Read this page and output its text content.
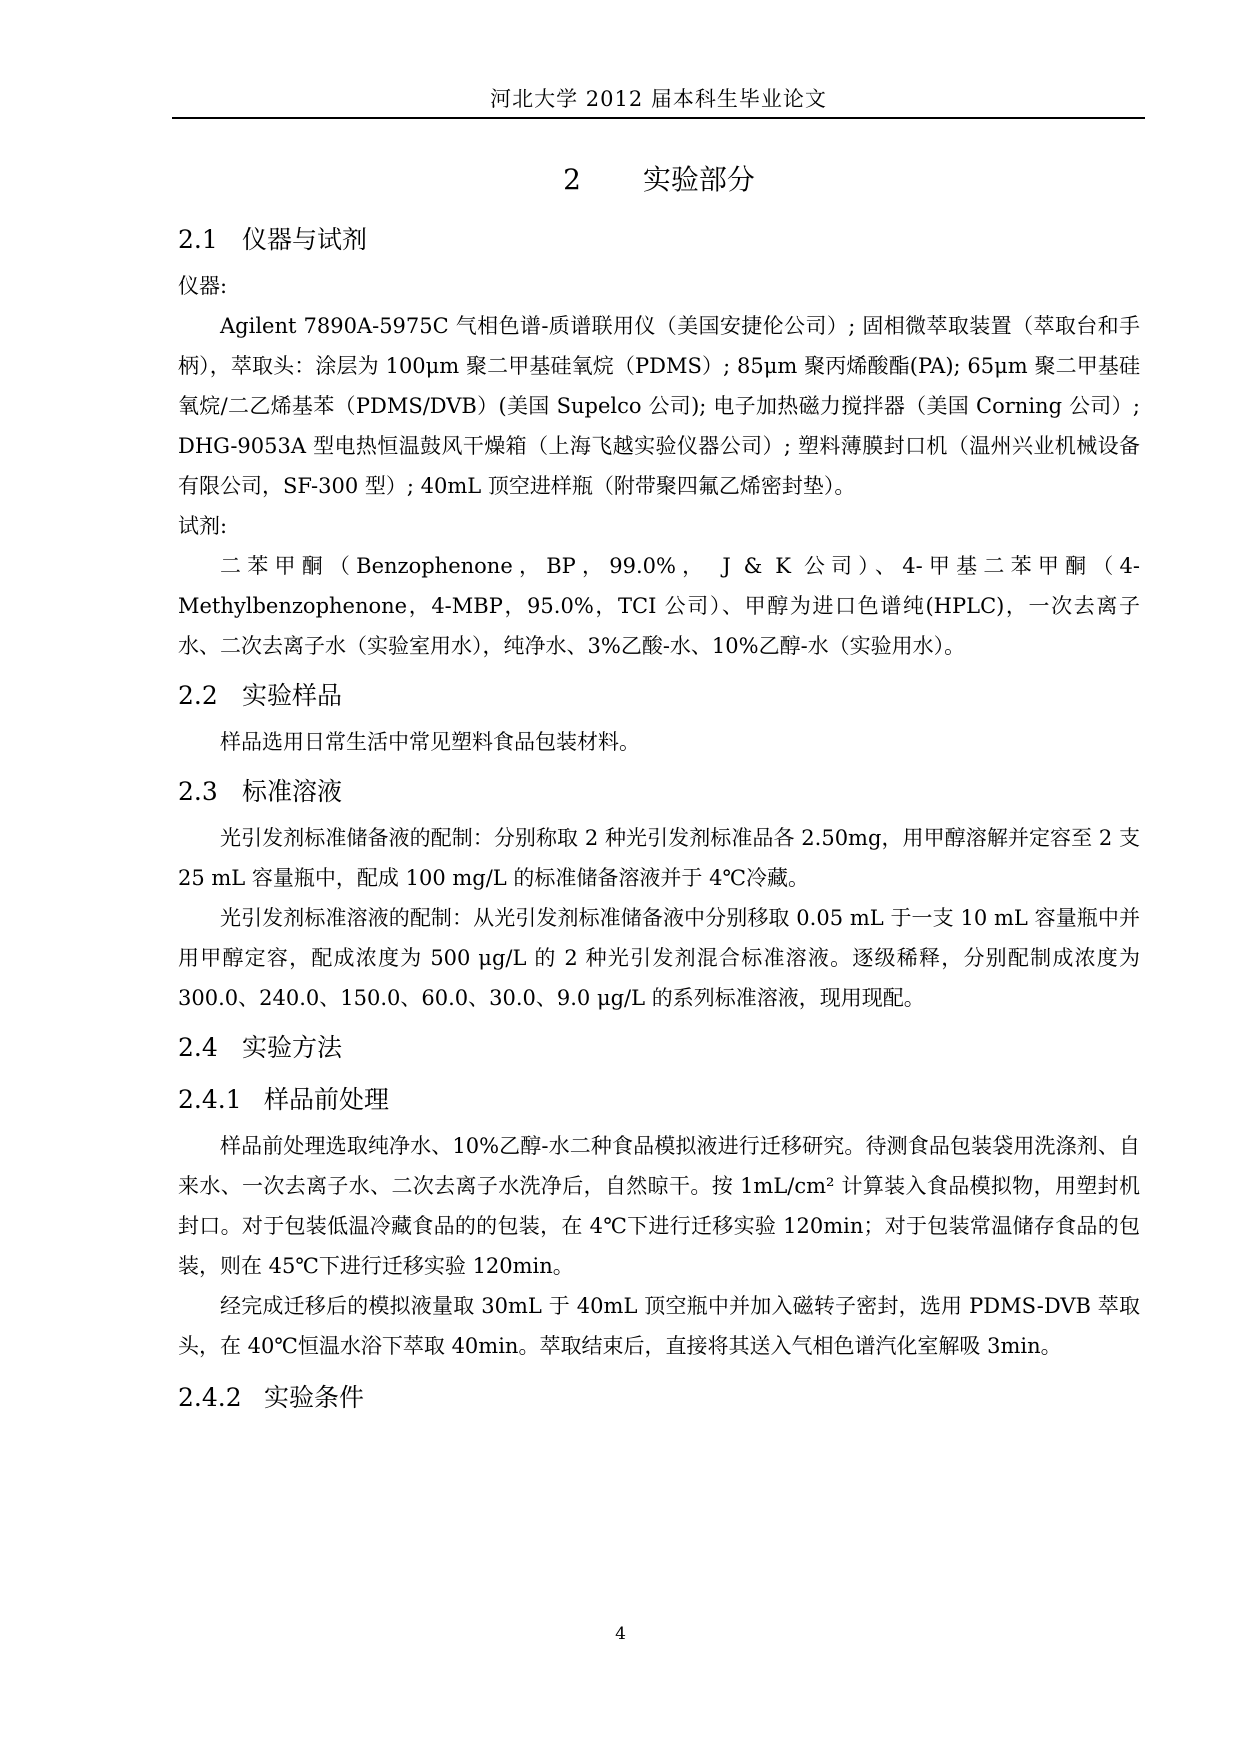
河北大学 2012 届本科生毕业论文
2 实验部分
2.1 仪器与试剂

仪器:

Agilent 7890A-5975C 气相色谱-质谱联用仪（美国安捷伦公司）; 固相微萃取装置（萃取台和手柄），萃取头：涂层为 100μm 聚二甲基硅氧烷（PDMS）; 85μm 聚丙烯酸酯(PA); 65μm 聚二甲基硅氧烷/二乙烯基苯（PDMS/DVB）(美国 Supelco 公司); 电子加热磁力搅拌器（美国 Corning 公司）; DHG-9053A 型电热恒温鼓风干燥箱（上海飞越实验仪器公司）; 塑料薄膜封口机（温州兴业机械设备有限公司，SF-300 型）; 40mL 顶空进样瓶（附带聚四氟乙烯密封垫）。

试剂:

二苯甲酮（Benzophenone，BP，99.0%， J & K 公司）、4-甲基二苯甲酮（4-Methylbenzophenone，4-MBP，95.0%，TCI 公司）、甲醇为进口色谱纯(HPLC)，一次去离子水、二次去离子水（实验室用水），纯净水、3%乙酸-水、10%乙醇-水（实验用水）。

2.2 实验样品

样品选用日常生活中常见塑料食品包装材料。

2.3 标准溶液

光引发剂标准储备液的配制：分别称取 2 种光引发剂标准品各 2.50mg，用甲醇溶解并定容至 2 支 25 mL 容量瓶中，配成 100 mg/L 的标准储备溶液并于 4℃冷藏。

光引发剂标准溶液的配制：从光引发剂标准储备液中分别移取 0.05 mL 于一支 10 mL 容量瓶中并用甲醇定容，配成浓度为 500 μg/L 的 2 种光引发剂混合标准溶液。逐级稀释，分别配制成浓度为 300.0、240.0、150.0、60.0、30.0、9.0 μg/L 的系列标准溶液，现用现配。

2.4 实验方法
2.4.1 样品前处理

样品前处理选取纯净水、10%乙醇-水二种食品模拟液进行迁移研究。待测食品包装袋用洗涤剂、自来水、一次去离子水、二次去离子水洗净后，自然晾干。按 1mL/cm² 计算装入食品模拟物，用塑封机封口。对于包装低温冷藏食品的的包装，在 4℃下进行迁移实验 120min；对于包装常温储存食品的包装，则在 45℃下进行迁移实验 120min。

经完成迁移后的模拟液量取 30mL 于 40mL 顶空瓶中并加入磁转子密封，选用 PDMS-DVB 萃取头，在 40℃恒温水浴下萃取 40min。萃取结束后，直接将其送入气相色谱汽化室解吸 3min。

2.4.2 实验条件
4
